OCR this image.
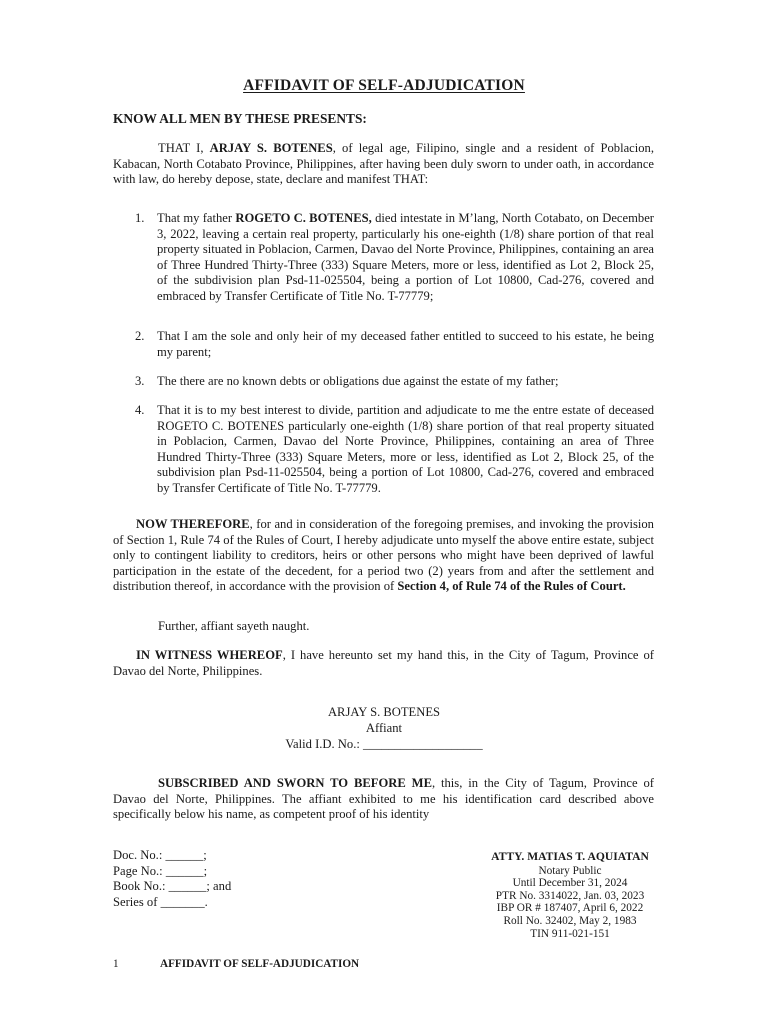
AFFIDAVIT OF SELF-ADJUDICATION
KNOW ALL MEN BY THESE PRESENTS:

THAT I, ARJAY S. BOTENES, of legal age, Filipino, single and a resident of Poblacion, Kabacan, North Cotabato Province, Philippines, after having been duly sworn to under oath, in accordance with law, do hereby depose, state, declare and manifest THAT:

1. That my father ROGETO C. BOTENES, died intestate in M’lang, North Cotabato, on December 3, 2022, leaving a certain real property, particularly his one-eighth (1/8) share portion of that real property situated in Poblacion, Carmen, Davao del Norte Province, Philippines, containing an area of Three Hundred Thirty-Three (333) Square Meters, more or less, identified as Lot 2, Block 25, of the subdivision plan Psd-11-025504, being a portion of Lot 10800, Cad-276, covered and embraced by Transfer Certificate of Title No. T-77779;
2. That I am the sole and only heir of my deceased father entitled to succeed to his estate, he being my parent;
3. The there are no known debts or obligations due against the estate of my father;
4. That it is to my best interest to divide, partition and adjudicate to me the entre estate of deceased ROGETO C. BOTENES particularly one-eighth (1/8) share portion of that real property situated in Poblacion, Carmen, Davao del Norte Province, Philippines, containing an area of Three Hundred Thirty-Three (333) Square Meters, more or less, identified as Lot 2, Block 25, of the subdivision plan Psd-11-025504, being a portion of Lot 10800, Cad-276, covered and embraced by Transfer Certificate of Title No. T-77779.

NOW THEREFORE, for and in consideration of the foregoing premises, and invoking the provision of Section 1, Rule 74 of the Rules of Court, I hereby adjudicate unto myself the above entire estate, subject only to contingent liability to creditors, heirs or other persons who might have been deprived of lawful participation in the estate of the decedent, for a period two (2) years from and after the settlement and distribution thereof, in accordance with the provision of Section 4, of Rule 74 of the Rules of Court.

Further, affiant sayeth naught.

IN WITNESS WHEREOF, I have hereunto set my hand this, in the City of Tagum, Province of Davao del Norte, Philippines.

ARJAY S. BOTENES
Affiant
Valid I.D. No.: ___________________

SUBSCRIBED AND SWORN TO BEFORE ME, this, in the City of Tagum, Province of Davao del Norte, Philippines. The affiant exhibited to me his identification card described above specifically below his name, as competent proof of his identity

Doc. No.: ______;
Page No.: ______;
Book No.: ______; and
Series of _______.
ATTY. MATIAS T. AQUIATAN
Notary Public
Until December 31, 2024
PTR No. 3314022, Jan. 03, 2023
IBP OR # 187407, April 6, 2022
Roll No. 32402, May 2, 1983
TIN 911-021-151
1	AFFIDAVIT OF SELF-ADJUDICATION
